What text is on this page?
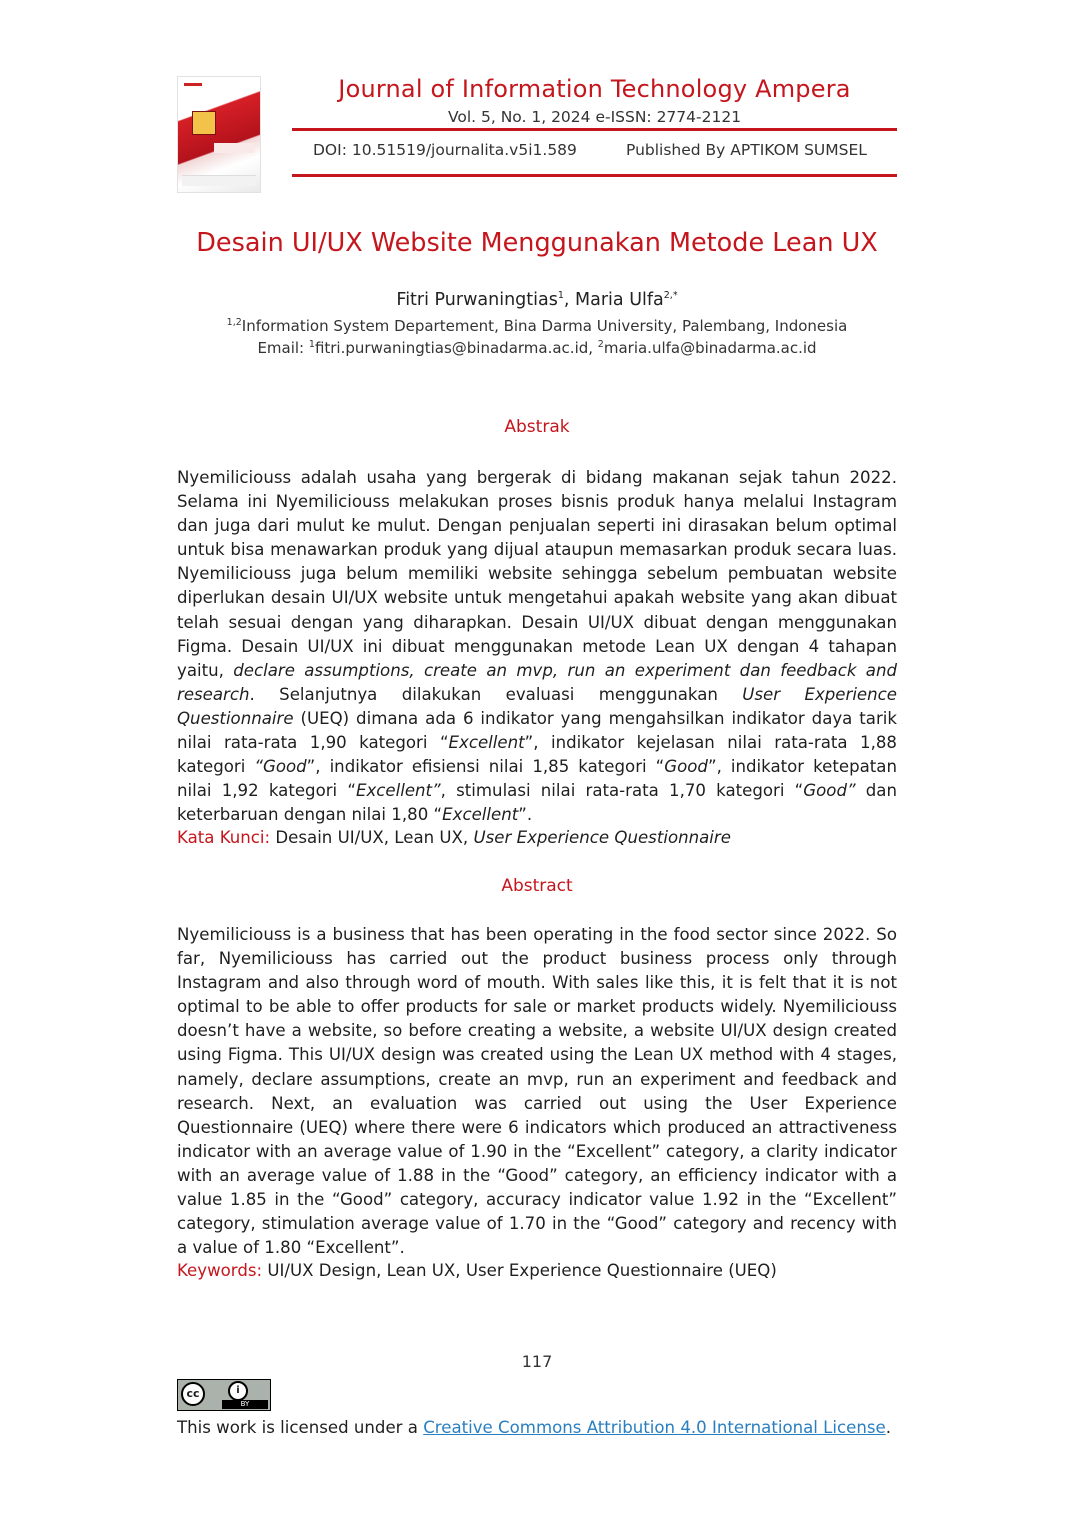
Journal of Information Technology Ampera
Vol. 5, No. 1, 2024 e-ISSN: 2774-2121
DOI: 10.51519/journalita.v5i1.589	Published By APTIKOM SUMSEL
Desain UI/UX Website Menggunakan Metode Lean UX
Fitri Purwaningtias$^1$, Maria Ulfa$^{2,*}$
$^{1,2}$Information System Departement, Bina Darma University, Palembang, Indonesia
Email: $^1$fitri.purwaningtias@binadarma.ac.id, $^2$maria.ulfa@binadarma.ac.id
Abstrak
Nyemiliciouss adalah usaha yang bergerak di bidang makanan sejak tahun 2022. Selama ini Nyemiliciouss melakukan proses bisnis produk hanya melalui Instagram dan juga dari mulut ke mulut. Dengan penjualan seperti ini dirasakan belum optimal untuk bisa menawarkan produk yang dijual ataupun memasarkan produk secara luas. Nyemiliciouss juga belum memiliki website sehingga sebelum pembuatan website diperlukan desain UI/UX website untuk mengetahui apakah website yang akan dibuat telah sesuai dengan yang diharapkan. Desain UI/UX dibuat dengan menggunakan Figma. Desain UI/UX ini dibuat menggunakan metode Lean UX dengan 4 tahapan yaitu, declare assumptions, create an mvp, run an experiment dan feedback and research. Selanjutnya dilakukan evaluasi menggunakan User Experience Questionnaire (UEQ) dimana ada 6 indikator yang mengahsilkan indikator daya tarik nilai rata-rata 1,90 kategori “Excellent”, indikator kejelasan nilai rata-rata 1,88 kategori “Good”, indikator efisiensi nilai 1,85 kategori “Good”, indikator ketepatan nilai 1,92 kategori “Excellent”, stimulasi nilai rata-rata 1,70 kategori “Good” dan keterbaruan dengan nilai 1,80 “Excellent”.
Kata Kunci: Desain UI/UX, Lean UX, User Experience Questionnaire
Abstract
Nyemiliciouss is a business that has been operating in the food sector since 2022. So far, Nyemiliciouss has carried out the product business process only through Instagram and also through word of mouth. With sales like this, it is felt that it is not optimal to be able to offer products for sale or market products widely. Nyemiliciouss doesn’t have a website, so before creating a website, a website UI/UX design created using Figma. This UI/UX design was created using the Lean UX method with 4 stages, namely, declare assumptions, create an mvp, run an experiment and feedback and research. Next, an evaluation was carried out using the User Experience Questionnaire (UEQ) where there were 6 indicators which produced an attractiveness indicator with an average value of 1.90 in the “Excellent” category, a clarity indicator with an average value of 1.88 in the “Good” category, an efficiency indicator with a value 1.85 in the “Good” category, accuracy indicator value 1.92 in the “Excellent” category, stimulation average value of 1.70 in the “Good” category and recency with a value of 1.80 “Excellent”.
Keywords: UI/UX Design, Lean UX, User Experience Questionnaire (UEQ)
117
cc	i
BY
This work is licensed under a Creative Commons Attribution 4.0 International License.
